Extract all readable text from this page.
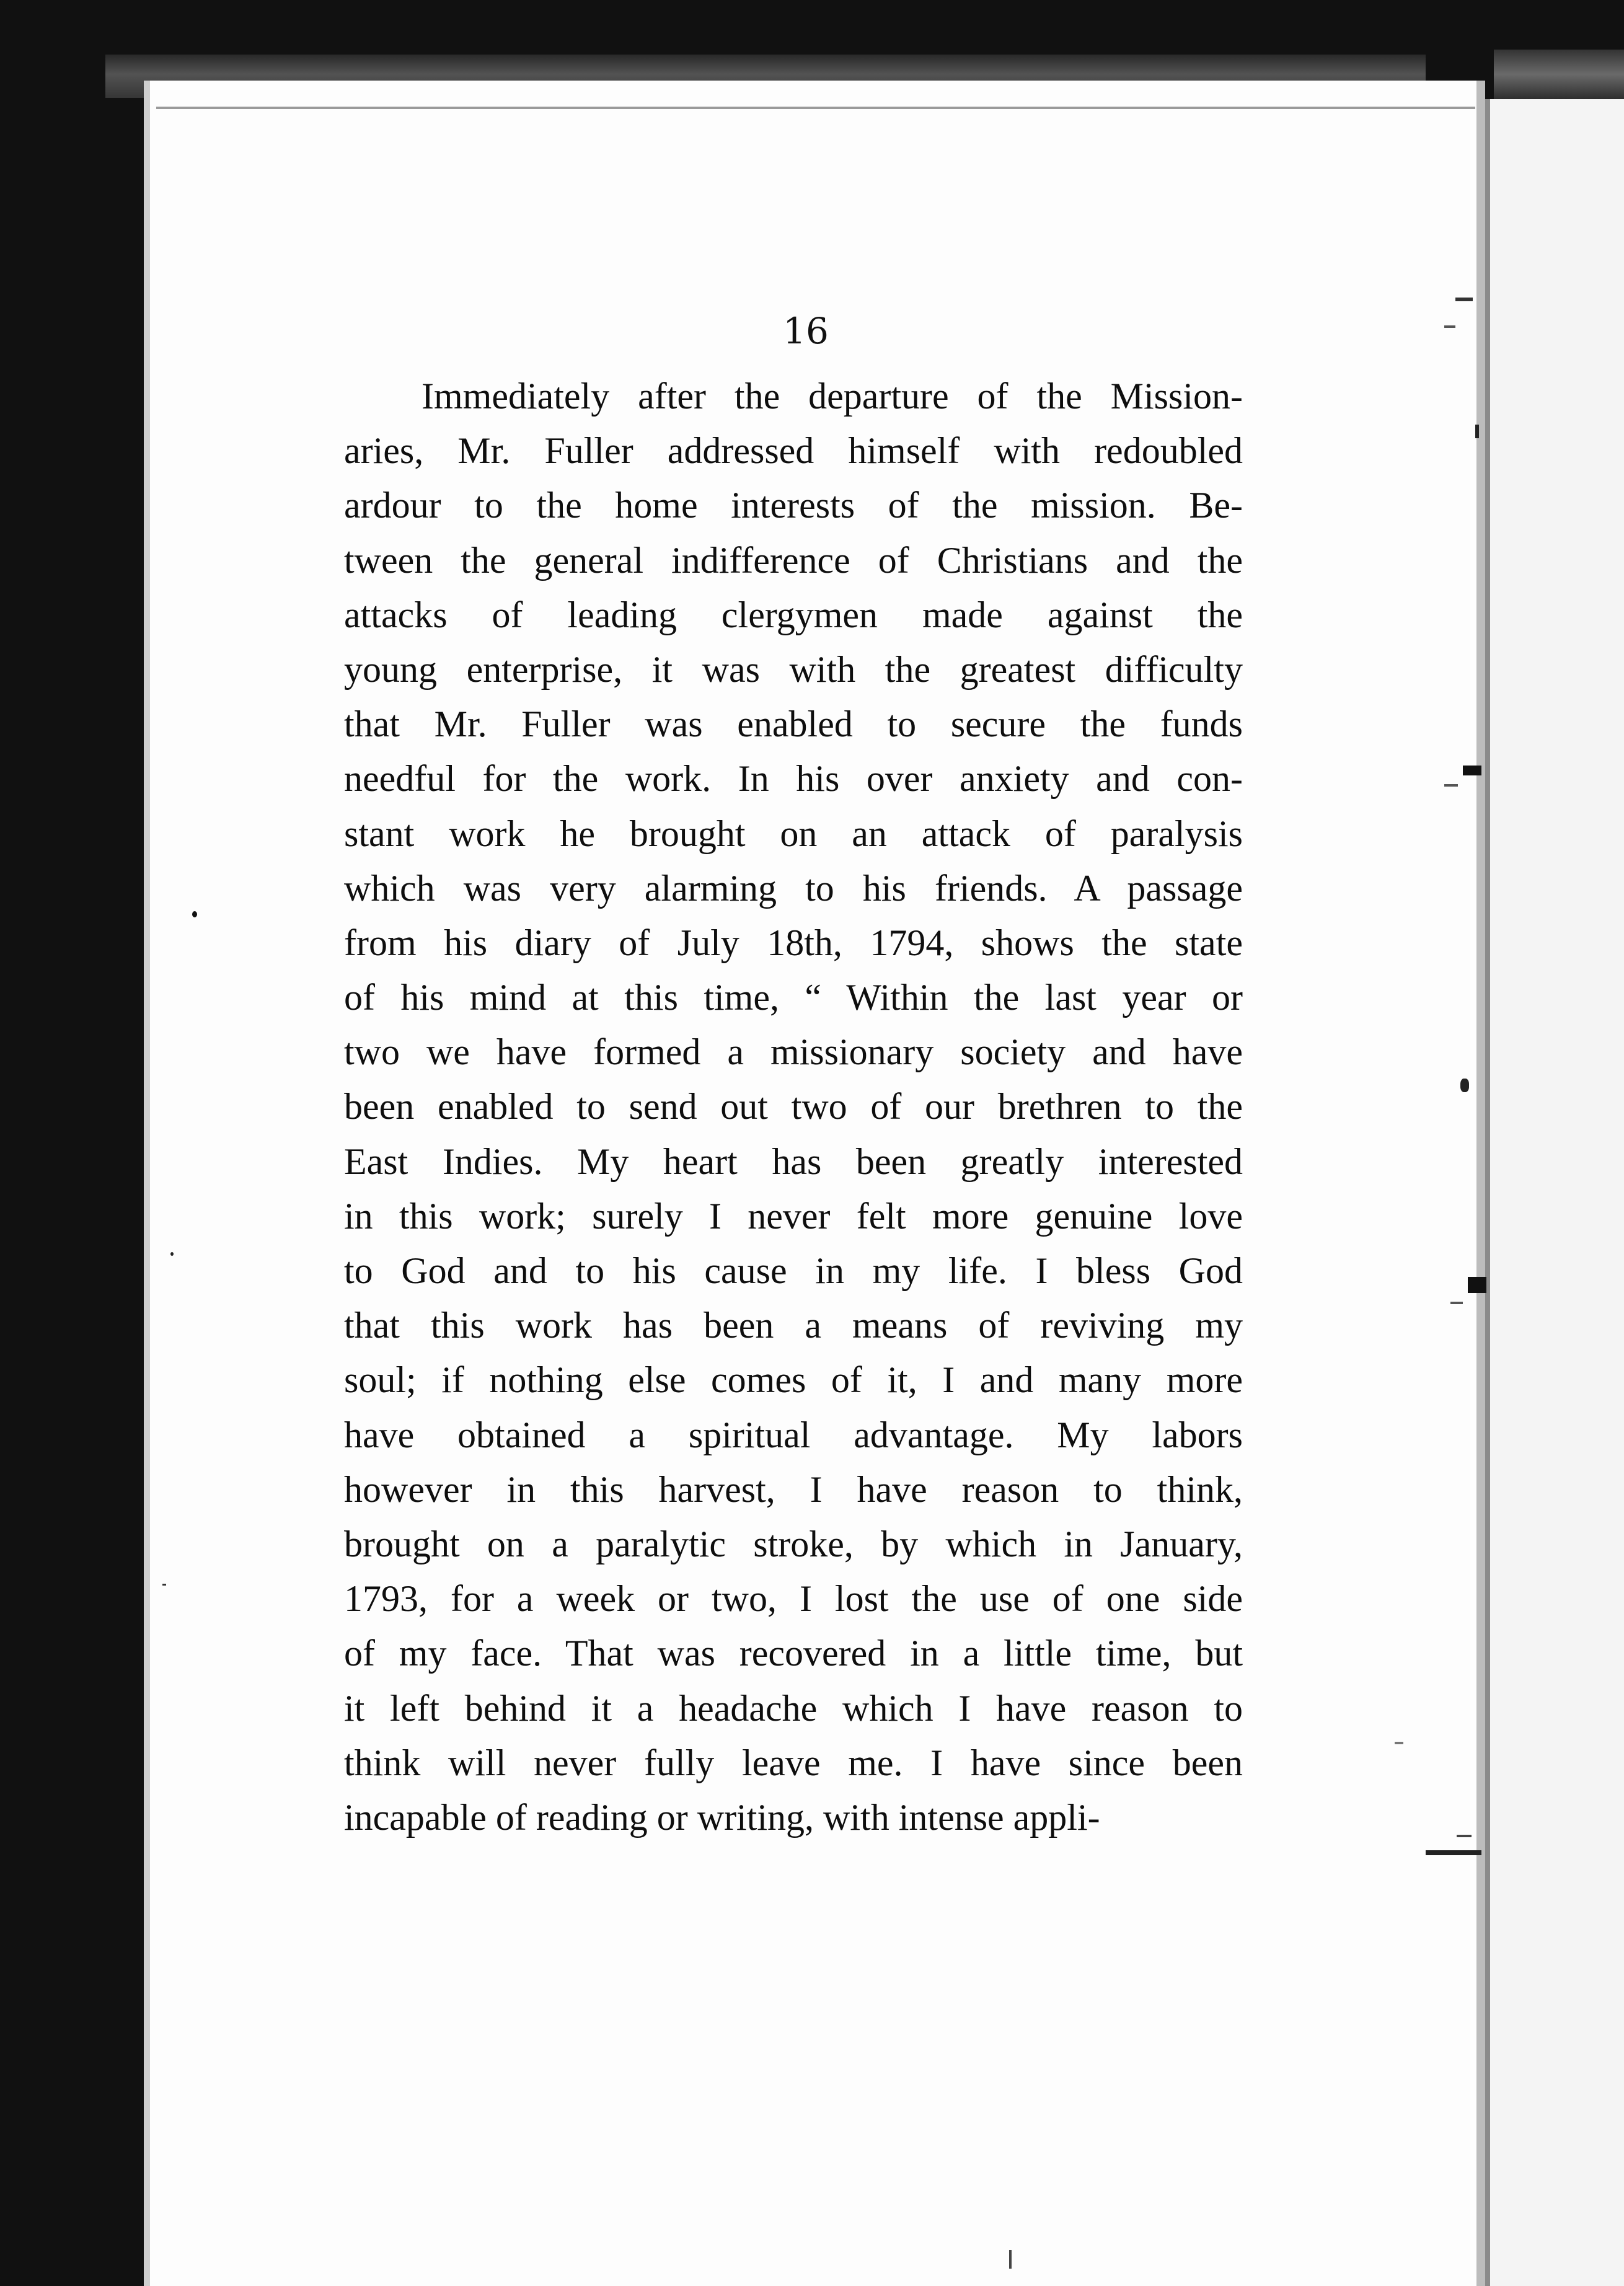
16
Immediately after the departure of the Mission-
aries, Mr. Fuller addressed himself with redoubled
ardour to the home interests of the mission. Be-
tween the general indifference of Christians and the
attacks of leading clergymen made against the
young enterprise, it was with the greatest difficulty
that Mr. Fuller was enabled to secure the funds
needful for the work. In his over anxiety and con-
stant work he brought on an attack of paralysis
which was very alarming to his friends. A passage
from his diary of July 18th, 1794, shows the state
of his mind at this time, “ Within the last year or
two we have formed a missionary society and have
been enabled to send out two of our brethren to the
East Indies. My heart has been greatly interested
in this work; surely I never felt more genuine love
to God and to his cause in my life. I bless God
that this work has been a means of reviving my
soul; if nothing else comes of it, I and many more
have obtained a spiritual advantage. My labors
however in this harvest, I have reason to think,
brought on a paralytic stroke, by which in January,
1793, for a week or two, I lost the use of one side
of my face. That was recovered in a little time, but
it left behind it a headache which I have reason to
think will never fully leave me. I have since been
incapable of reading or writing, with intense appli-
